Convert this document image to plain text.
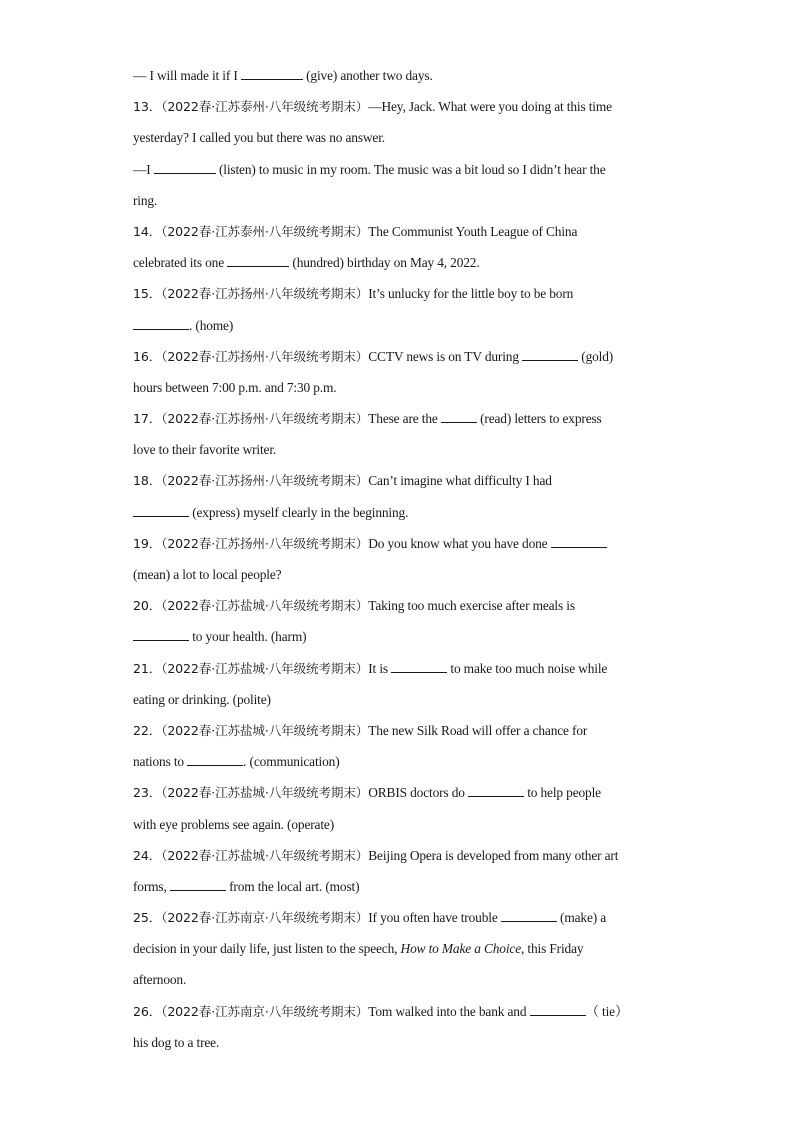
— I will made it if I	(give) another two days.
13．（2022春·江苏泰州·八年级统考期末）—Hey, Jack. What were you doing at this time
yesterday? I called you but there was no answer.
—I	(listen) to music in my room. The music was a bit loud so I didn’t hear the
ring.
14．（2022春·江苏泰州·八年级统考期末）The Communist Youth League of China
celebrated its one	(hundred) birthday on May 4, 2022.
15．（2022春·江苏扬州·八年级统考期末）It’s unlucky for the little boy to be born
. (home)
16．（2022春·江苏扬州·八年级统考期末）CCTV news is on TV during	(gold)
hours between 7:00 p.m. and 7:30 p.m.
17．（2022春·江苏扬州·八年级统考期末）These are the	(read) letters to express
love to their favorite writer.
18．（2022春·江苏扬州·八年级统考期末）Can’t imagine what difficulty I had
(express) myself clearly in the beginning.
19．（2022春·江苏扬州·八年级统考期末）Do you know what you have done
(mean) a lot to local people?
20．（2022春·江苏盐城·八年级统考期末）Taking too much exercise after meals is
to your health. (harm)
21．（2022春·江苏盐城·八年级统考期末）It is	to make too much noise while
eating or drinking. (polite)
22．（2022春·江苏盐城·八年级统考期末）The new Silk Road will offer a chance for
nations to	. (communication)
23．（2022春·江苏盐城·八年级统考期末）ORBIS doctors do	to help people
with eye problems see again. (operate)
24．（2022春·江苏盐城·八年级统考期末）Beijing Opera is developed from many other art
forms,	from the local art. (most)
25．（2022春·江苏南京·八年级统考期末）If you often have trouble	(make) a
decision in your daily life, just listen to the speech, How to Make a Choice, this Friday
afternoon.
26．（2022春·江苏南京·八年级统考期末）Tom walked into the bank and	（ tie）
his dog to a tree.
